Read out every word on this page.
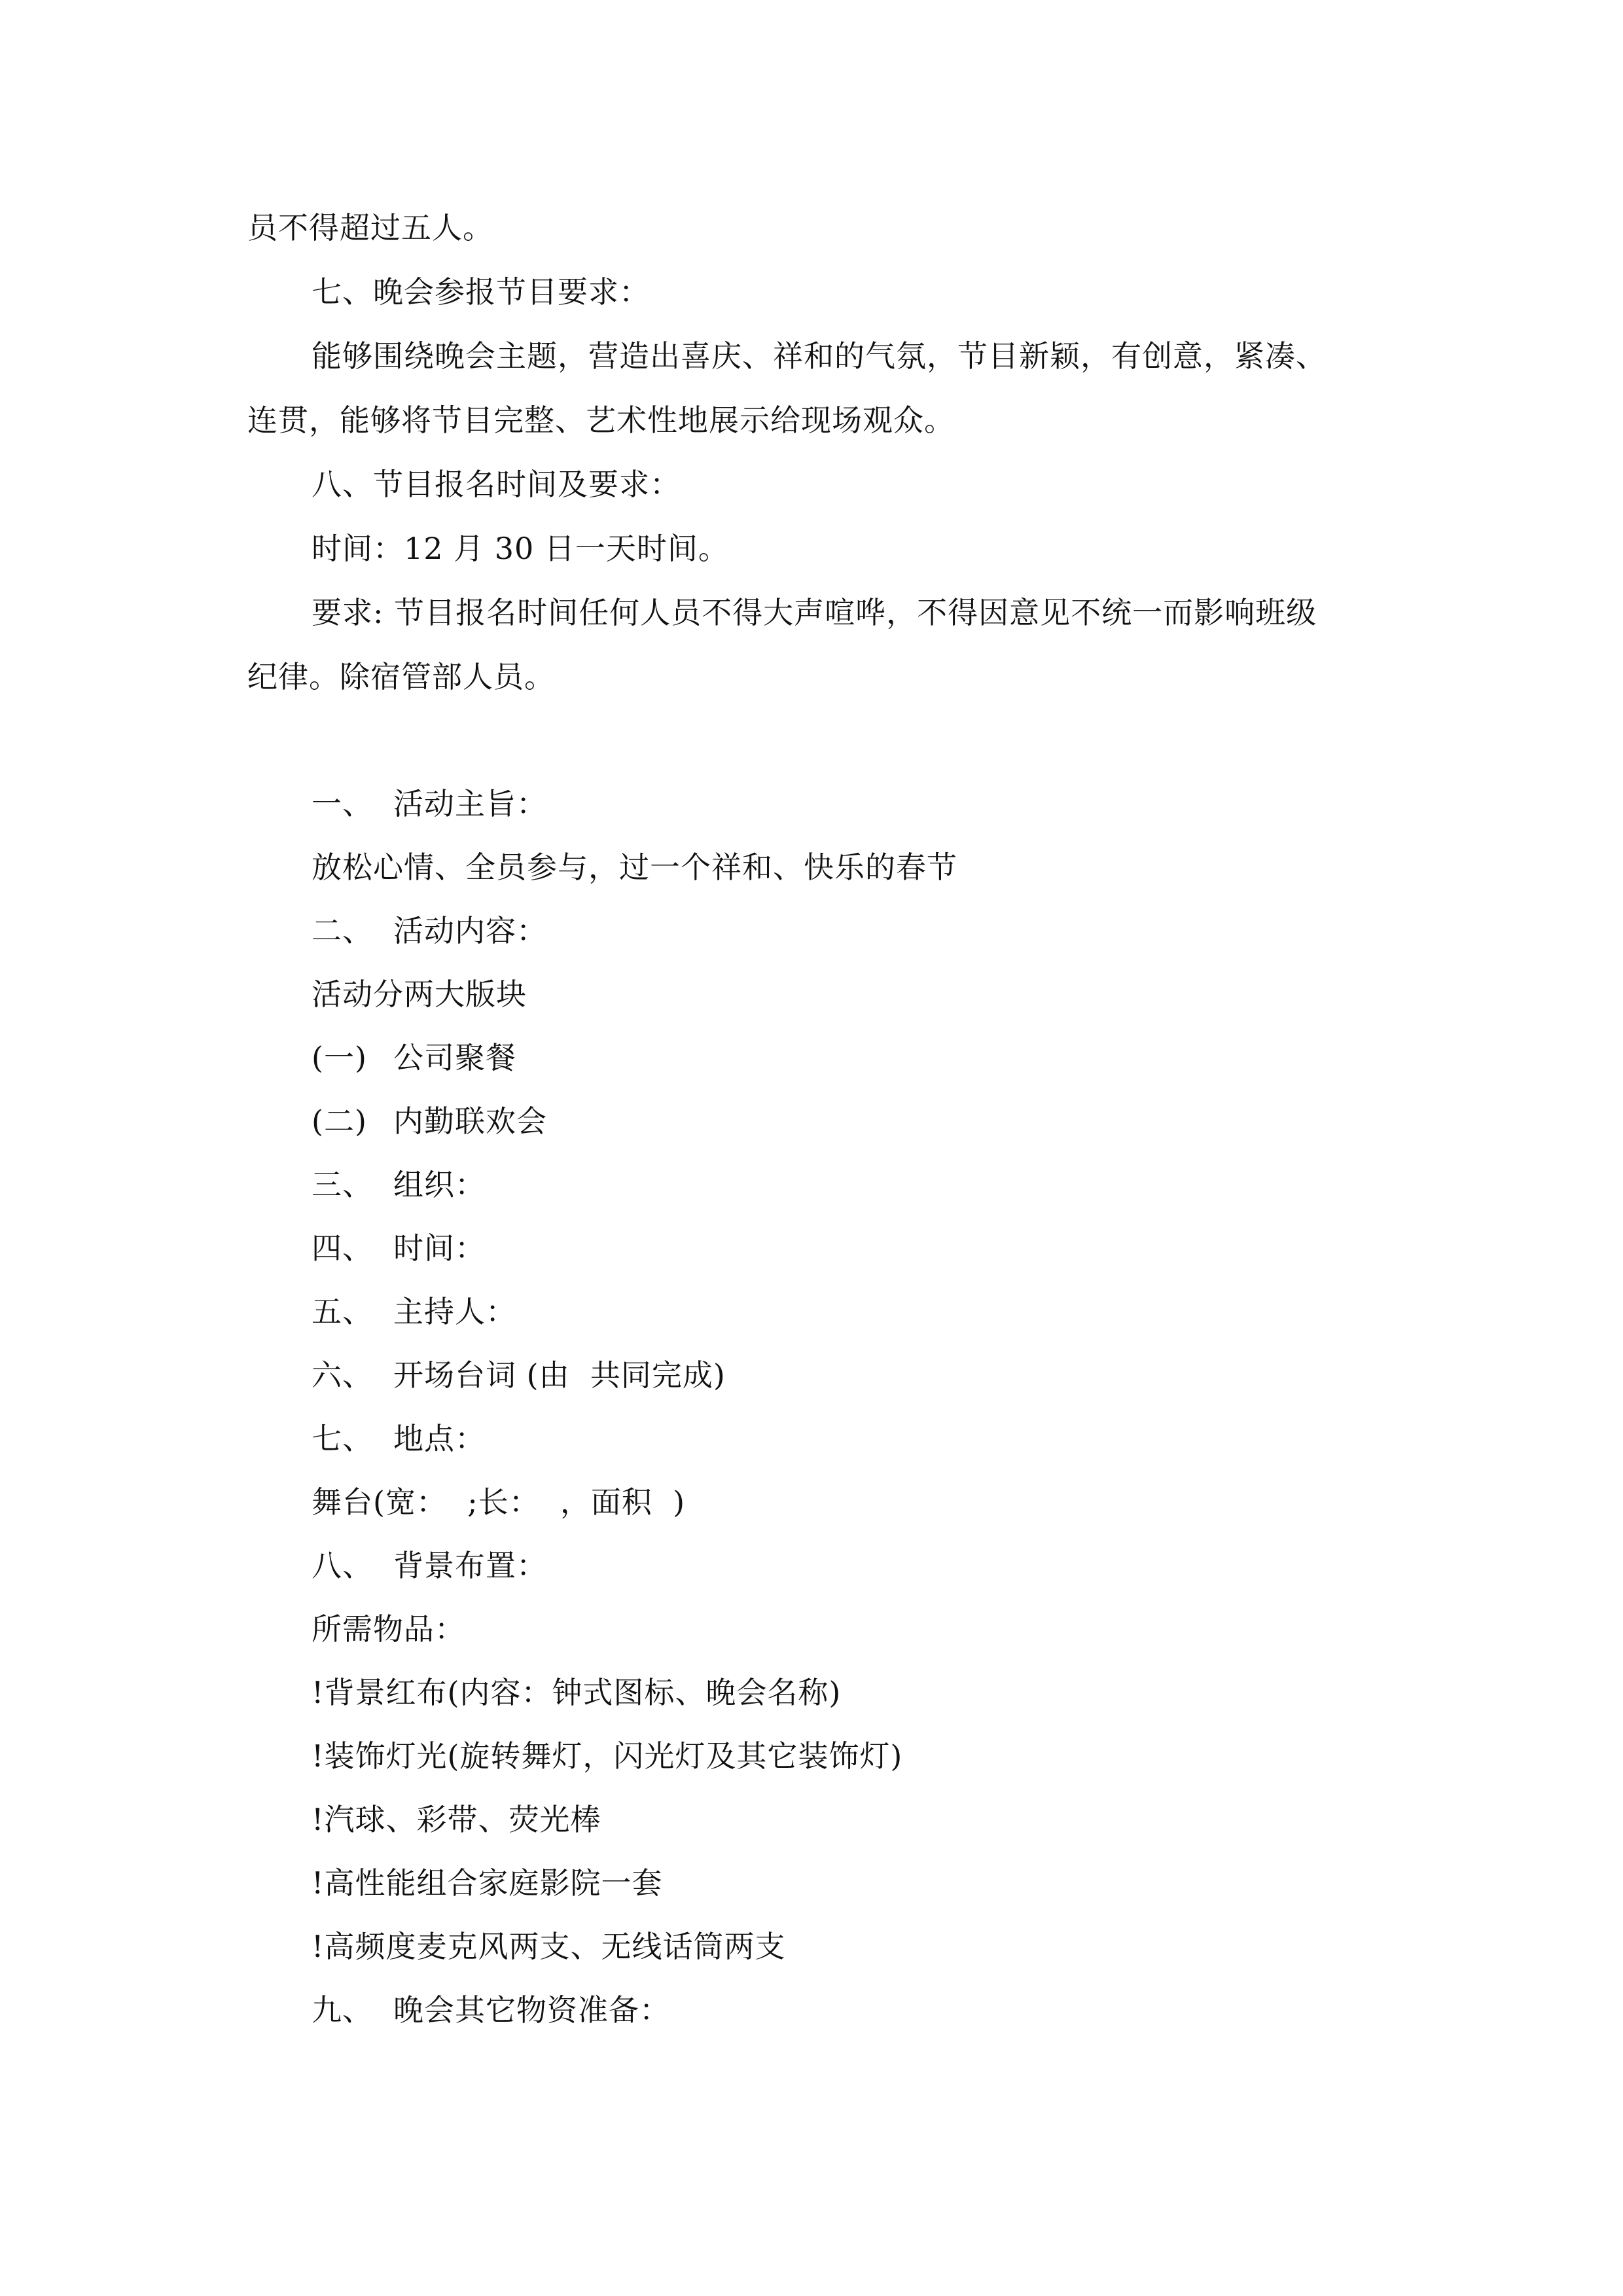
员不得超过五人。
七、晚会参报节目要求：
能够围绕晚会主题，营造出喜庆、祥和的气氛，节目新颖，有创意，紧凑、
连贯，能够将节目完整、艺术性地展示给现场观众。
八、节目报名时间及要求：
时间：12 月 30 日一天时间。
要求: 节目报名时间任何人员不得大声喧哗，不得因意见不统一而影响班级
纪律。除宿管部人员。
一、 活动主旨：
放松心情、全员参与，过一个祥和、快乐的春节
二、 活动内容：
活动分两大版块
(一) 公司聚餐
(二) 内勤联欢会
三、 组织：
四、 时间：
五、 主持人：
六、 开场台词 (由  共同完成)
七、 地点：
舞台(宽：  ;长：  ，面积  )
八、 背景布置：
所需物品：
!背景红布(内容：钟式图标、晚会名称)
!装饰灯光(旋转舞灯，闪光灯及其它装饰灯)
!汽球、彩带、荧光棒
!高性能组合家庭影院一套
!高频度麦克风两支、无线话筒两支
九、 晚会其它物资准备：
